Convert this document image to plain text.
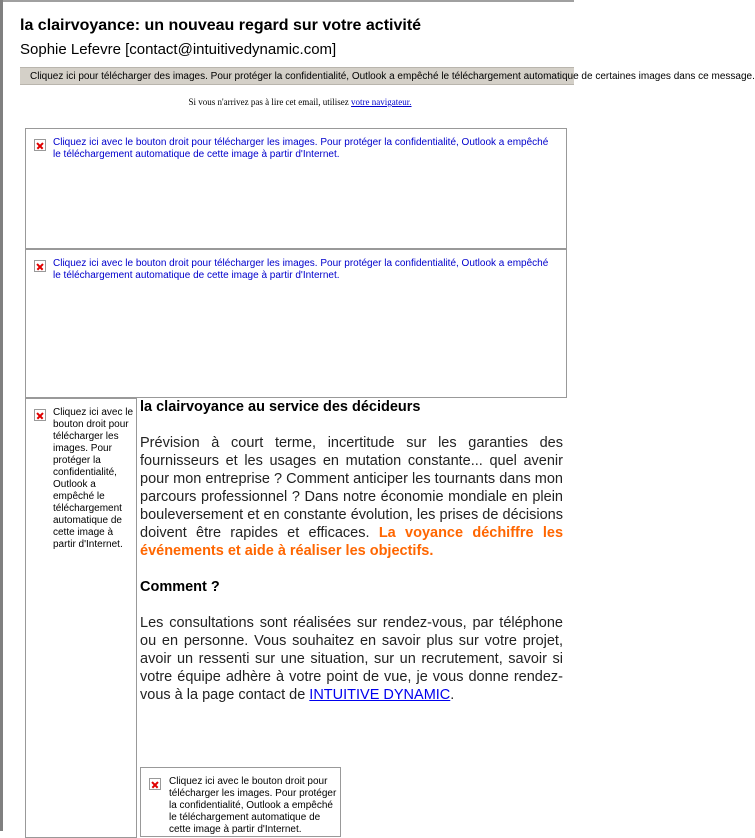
la clairvoyance: un nouveau regard sur votre activité
Sophie Lefevre [contact@intuitivedynamic.com]
Cliquez ici pour télécharger des images. Pour protéger la confidentialité, Outlook a empêché le téléchargement automatique de certaines images dans ce message.
Si vous n'arrivez pas à lire cet email, utilisez votre navigateur.
Cliquez ici avec le bouton droit pour télécharger les images. Pour protéger la confidentialité, Outlook a empêché le téléchargement automatique de cette image à partir d'Internet.
Cliquez ici avec le bouton droit pour télécharger les images. Pour protéger la confidentialité, Outlook a empêché le téléchargement automatique de cette image à partir d'Internet.
Cliquez ici avec le bouton droit pour télécharger les images. Pour protéger la confidentialité, Outlook a empêché le téléchargement automatique de cette image à partir d'Internet.
la clairvoyance au service des décideurs

Prévision à court terme, incertitude sur les garanties des fournisseurs et les usages en mutation constante... quel avenir pour mon entreprise ? Comment anticiper les tournants dans mon parcours professionnel ? Dans notre économie mondiale en plein bouleversement et en constante évolution, les prises de décisions doivent être rapides et efficaces. La voyance déchiffre les événements et aide à réaliser les objectifs.

Comment ?

Les consultations sont réalisées sur rendez-vous, par téléphone ou en personne. Vous souhaitez en savoir plus sur votre projet, avoir un ressenti sur une situation, sur un recrutement, savoir si votre équipe adhère à votre point de vue, je vous donne rendez-vous à la page contact de INTUITIVE DYNAMIC.

Cliquez ici avec le bouton droit pour télécharger les images. Pour protéger la confidentialité, Outlook a empêché le téléchargement automatique de cette image à partir d'Internet.
